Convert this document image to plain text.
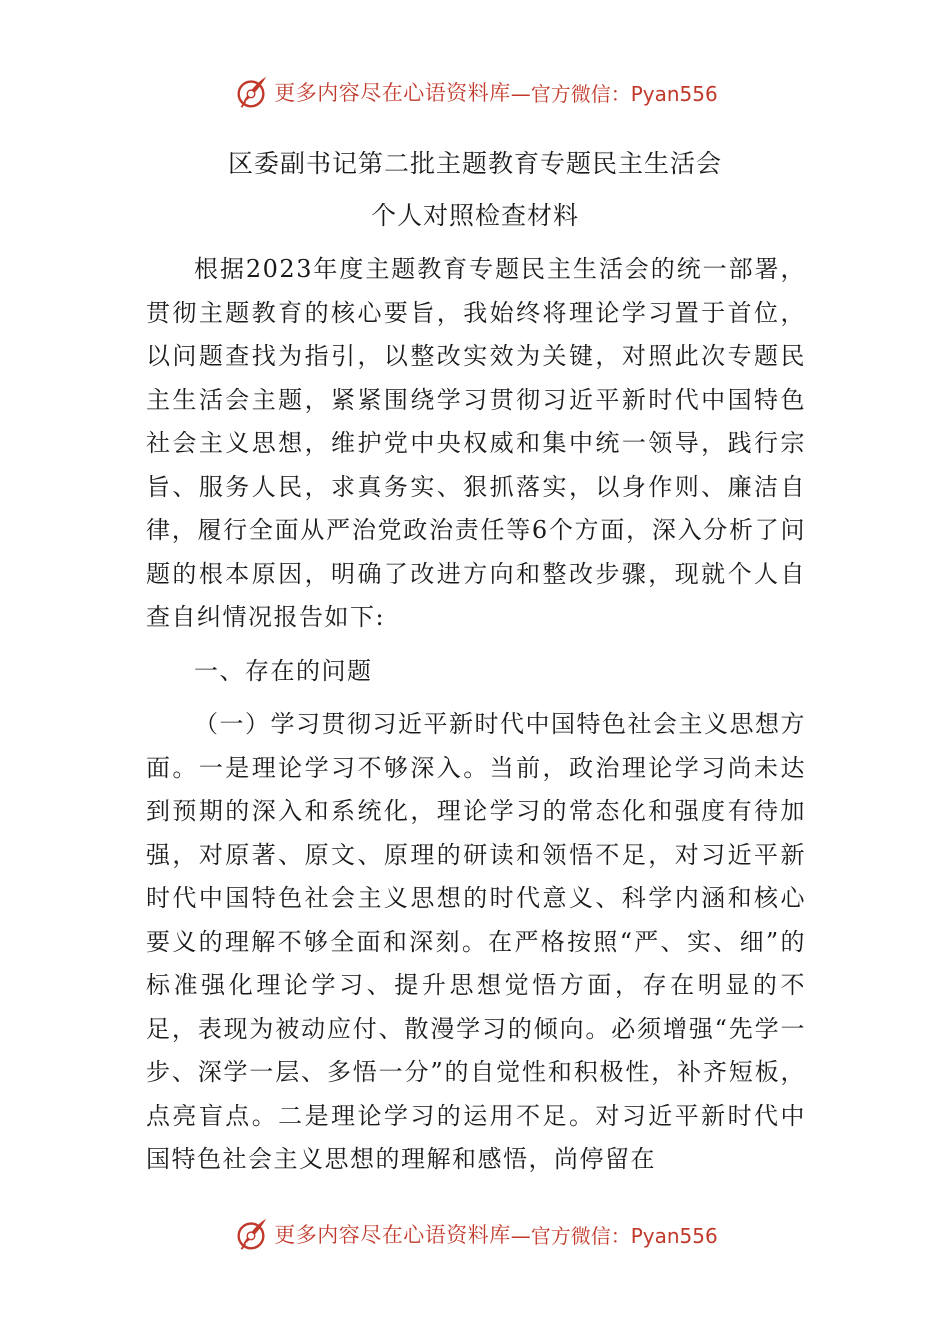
更多内容尽在心语资料库 —官方微信：Pyan556
区委副书记第二批主题教育专题民主生活会
个人对照检查材料

根据2023年度主题教育专题民主生活会的统一部署，贯彻主题教育的核心要旨，我始终将理论学习置于首位，以问题查找为指引，以整改实效为关键，对照此次专题民主生活会主题，紧紧围绕学习贯彻习近平新时代中国特色社会主义思想，维护党中央权威和集中统一领导，践行宗旨、服务人民，求真务实、狠抓落实，以身作则、廉洁自律，履行全面从严治党政治责任等6个方面，深入分析了问题的根本原因，明确了改进方向和整改步骤，现就个人自查自纠情况报告如下:

一、存在的问题

（一）学习贯彻习近平新时代中国特色社会主义思想方面。一是理论学习不够深入。当前，政治理论学习尚未达到预期的深入和系统化，理论学习的常态化和强度有待加强，对原著、原文、原理的研读和领悟不足，对习近平新时代中国特色社会主义思想的时代意义、科学内涵和核心要义的理解不够全面和深刻。在严格按照“严、实、细”的标准强化理论学习、提升思想觉悟方面，存在明显的不足，表现为被动应付、散漫学习的倾向。必须增强“先学一步、深学一层、多悟一分”的自觉性和积极性，补齐短板，点亮盲点。二是理论学习的运用不足。对习近平新时代中国特色社会主义思想的理解和感悟，尚停留在

更多内容尽在心语资料库 —官方微信：Pyan556
